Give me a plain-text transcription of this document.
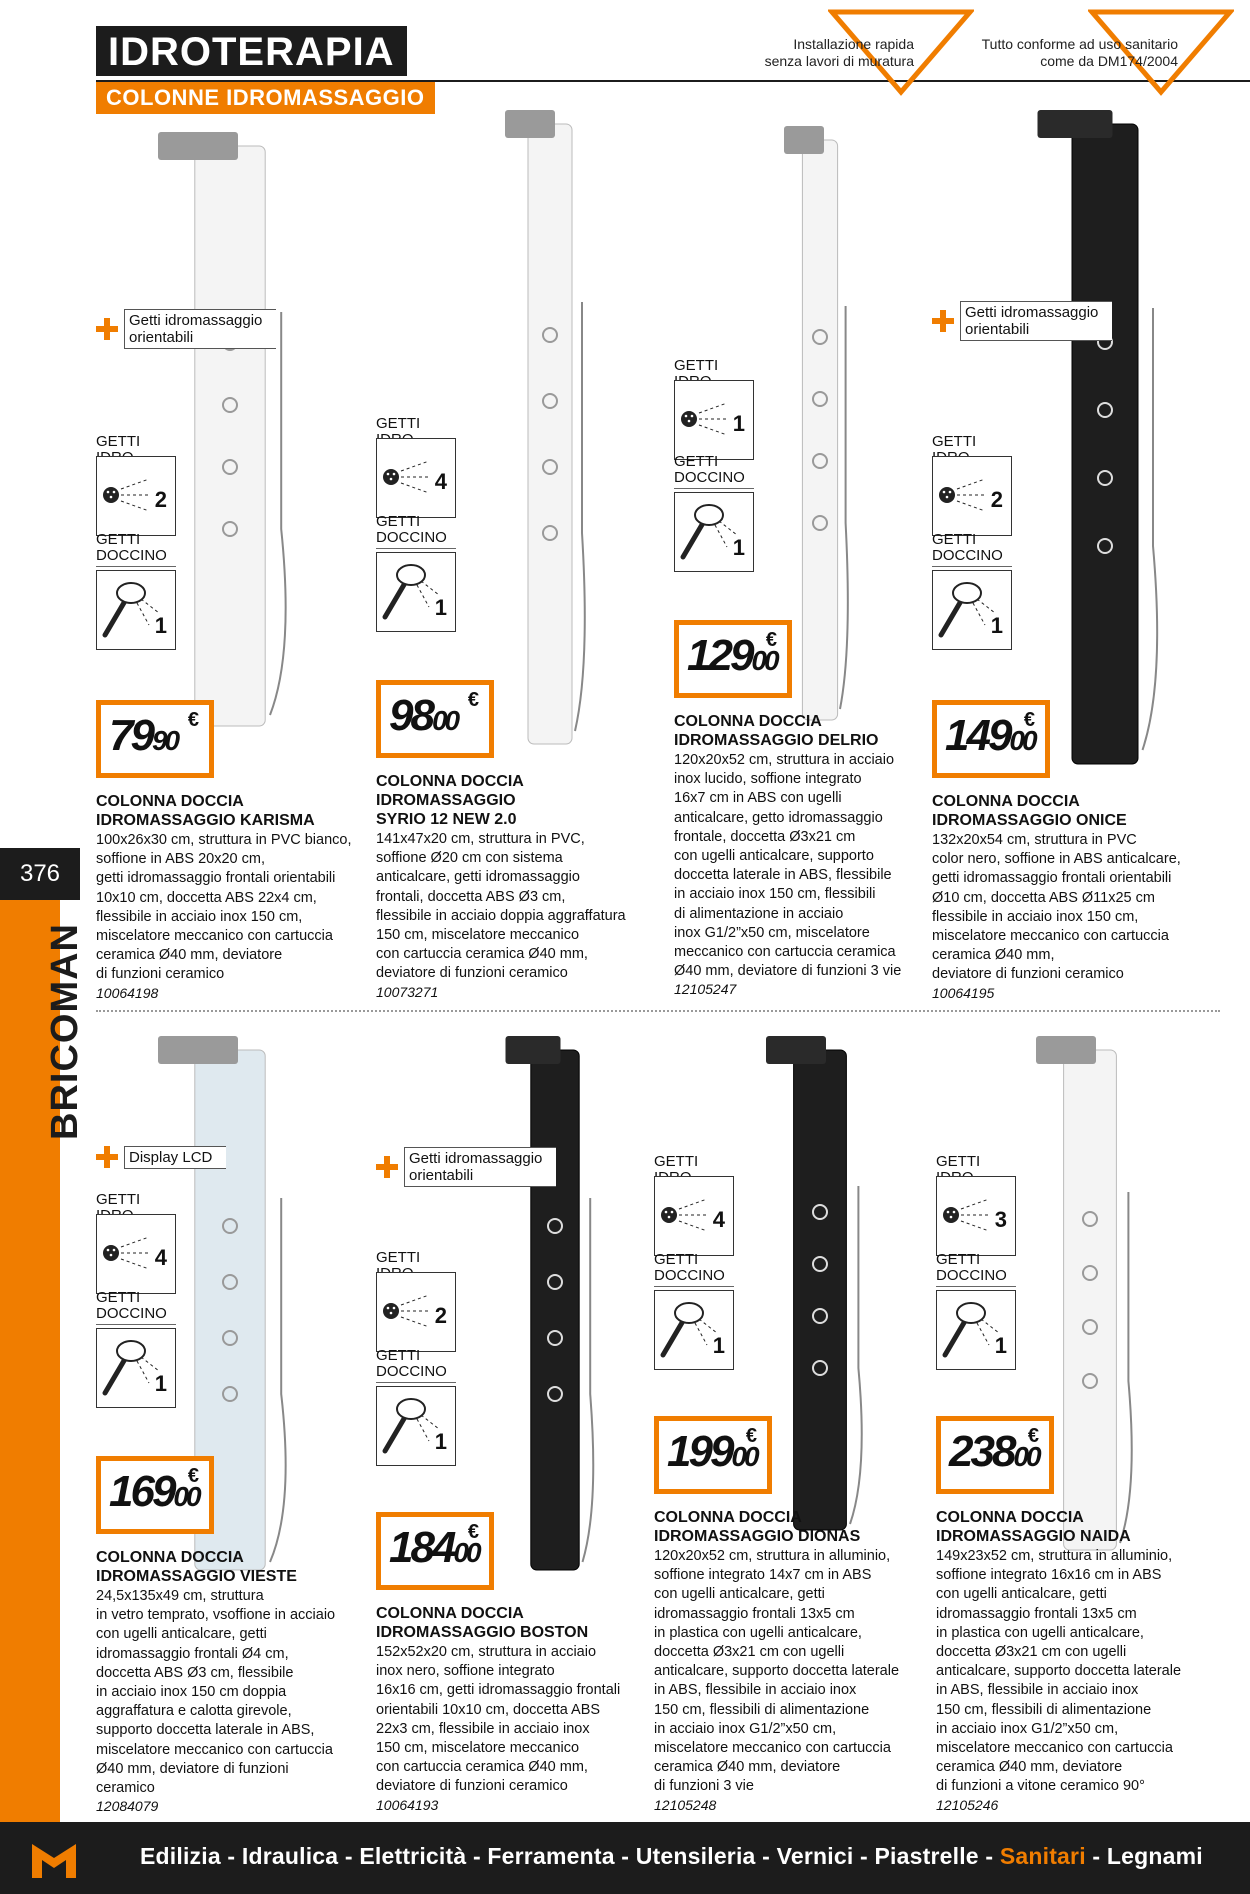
IDROTERAPIA
COLONNE IDROMASSAGGIO
Installazione rapida
senza lavori di muratura
Tutto conforme ad uso sanitario
come da DM174/2004
376
BRICOMAN
Getti idromassaggio
orientabili
GETTI
2
GETTI
DOCCINO
1
7990
€
COLONNA DOCCIA
IDROMASSAGGIO KARISMA
100x26x30 cm, struttura in PVC bianco,
soffione in ABS 20x20 cm,
getti idromassaggio frontali orientabili
10x10 cm, doccetta ABS 22x4 cm,
flessibile in acciaio inox 150 cm,
miscelatore meccanico con cartuccia
ceramica Ø40 mm, deviatore
di funzioni ceramico
10064198
GETTI
4
GETTI
DOCCINO
1
9800
€
COLONNA DOCCIA
IDROMASSAGGIO
SYRIO 12 NEW 2.0
141x47x20 cm, struttura in PVC,
soffione Ø20 cm con sistema
anticalcare, getti idromassaggio
frontali, doccetta ABS Ø3 cm,
flessibile in acciaio doppia aggraffatura
150 cm, miscelatore meccanico
con cartuccia ceramica Ø40 mm,
deviatore di funzioni ceramico
10073271
GETTI
1
GETTI
DOCCINO
1
12900
€
COLONNA DOCCIA
IDROMASSAGGIO DELRIO
120x20x52 cm, struttura in acciaio
inox lucido, soffione integrato
16x7 cm in ABS con ugelli
anticalcare, getto idromassaggio
frontale, doccetta Ø3x21 cm
con ugelli anticalcare, supporto
doccetta laterale in ABS, flessibile
in acciaio inox 150 cm, flessibili
di alimentazione in acciaio
inox G1/2”x50 cm, miscelatore
meccanico con cartuccia ceramica
Ø40 mm, deviatore di funzioni 3 vie
12105247
Getti idromassaggio
orientabili
GETTI
2
GETTI
DOCCINO
1
14900
€
COLONNA DOCCIA
IDROMASSAGGIO ONICE
132x20x54 cm, struttura in PVC
color nero, soffione in ABS anticalcare,
getti idromassaggio frontali orientabili
Ø10 cm, doccetta ABS Ø11x25 cm
flessibile in acciaio inox 150 cm,
miscelatore meccanico con cartuccia
ceramica Ø40 mm,
deviatore di funzioni ceramico
10064195
Display LCD
GETTI
4
GETTI
DOCCINO
1
16900
€
COLONNA DOCCIA
IDROMASSAGGIO VIESTE
24,5x135x49 cm, struttura
in vetro temprato, vsoffione in acciaio
con ugelli anticalcare, getti
idromassaggio frontali Ø4 cm,
doccetta ABS Ø3 cm, flessibile
in acciaio inox 150 cm doppia
aggraffatura e calotta girevole,
supporto doccetta laterale in ABS,
miscelatore meccanico con cartuccia
Ø40 mm, deviatore di funzioni
ceramico
12084079
Getti idromassaggio
orientabili
GETTI
2
GETTI
DOCCINO
1
18400
€
COLONNA DOCCIA
IDROMASSAGGIO BOSTON
152x52x20 cm, struttura in acciaio
inox nero, soffione integrato
16x16 cm, getti idromassaggio frontali
orientabili 10x10 cm, doccetta ABS
22x3 cm, flessibile in acciaio inox
150 cm, miscelatore meccanico
con cartuccia ceramica Ø40 mm,
deviatore di funzioni ceramico
10064193
GETTI
4
GETTI
DOCCINO
1
19900
€
COLONNA DOCCIA
IDROMASSAGGIO DIONAS
120x20x52 cm, struttura in alluminio,
soffione integrato 14x7 cm in ABS
con ugelli anticalcare, getti
idromassaggio frontali 13x5 cm
in plastica con ugelli anticalcare,
doccetta Ø3x21 cm con ugelli
anticalcare, supporto doccetta laterale
in ABS, flessibile in acciaio inox
150 cm, flessibili di alimentazione
in acciaio inox G1/2”x50 cm,
miscelatore meccanico con cartuccia
ceramica Ø40 mm, deviatore
di funzioni 3 vie
12105248
GETTI
3
GETTI
DOCCINO
1
23800
€
COLONNA DOCCIA
IDROMASSAGGIO NAIDA
149x23x52 cm, struttura in alluminio,
soffione integrato 16x16 cm in ABS
con ugelli anticalcare, getti
idromassaggio frontali 13x5 cm
in plastica con ugelli anticalcare,
doccetta Ø3x21 cm con ugelli
anticalcare, supporto doccetta laterale
in ABS, flessibile in acciaio inox
150 cm, flessibili di alimentazione
in acciaio inox G1/2”x50 cm,
miscelatore meccanico con cartuccia
ceramica Ø40 mm, deviatore
di funzioni a vitone ceramico 90°
12105246
Edilizia - Idraulica - Elettricità - Ferramenta - Utensileria - Vernici - Piastrelle - Sanitari - Legnami
